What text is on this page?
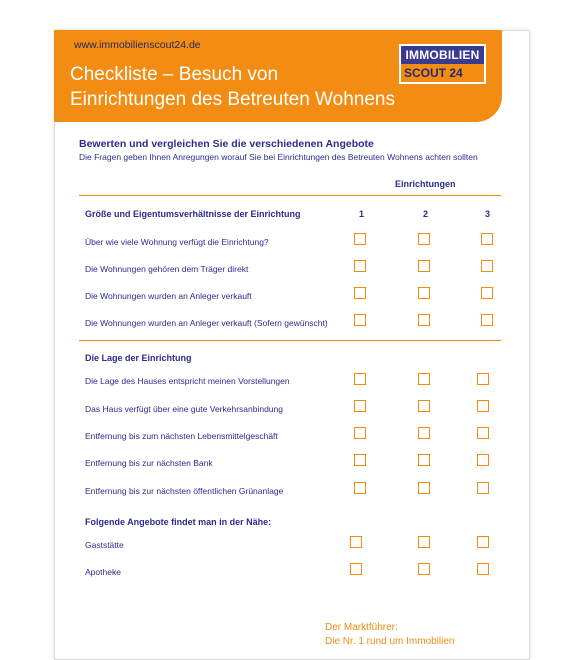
www.immobilienscout24.de
Checkliste – Besuch von
Einrichtungen des Betreuten Wohnens
IMMOBILIEN
SCOUT 24
Bewerten und vergleichen Sie die verschiedenen Angebote
Die Fragen geben Ihnen Anregungen worauf Sie bei Einrichtungen des Betreuten Wohnens achten sollten
Einrichtungen
Größe und Eigentumsverhältnisse der Einrichtung	1	2	3
Über wie viele Wohnung verfügt die Einrichtung?
Die Wohnungen gehören dem Träger direkt
Die Wohnungen wurden an Anleger verkauft
Die Wohnungen wurden an Anleger verkauft (Sofern gewünscht)
Die Lage der Einrichtung
Die Lage des Hauses entspricht meinen Vorstellungen
Das Haus verfügt über eine gute Verkehrsanbindung
Entfernung bis zum nächsten Lebensmittelgeschäft
Entfernung bis zur nächsten Bank
Entfernung bis zur nächsten öffentlichen Grünanlage
Folgende Angebote findet man in der Nähe:
Gaststätte
Apotheke
Der Marktführer:
Die Nr. 1 rund um Immobilien
